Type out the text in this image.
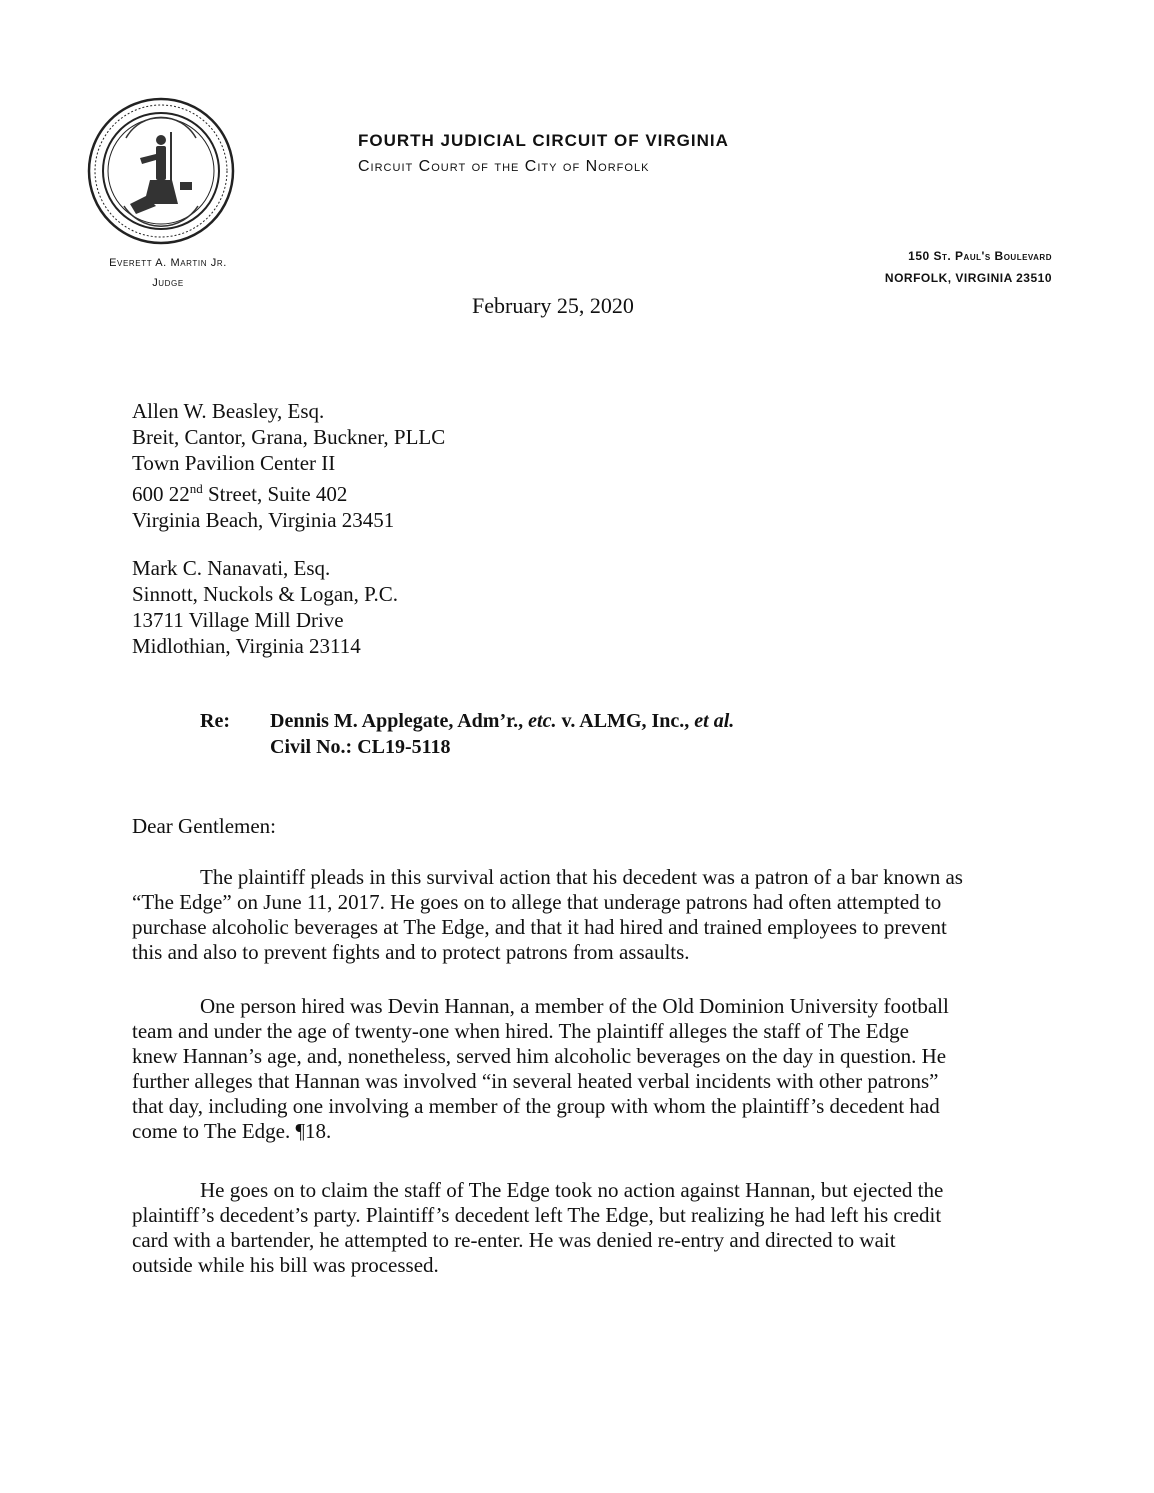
FOURTH JUDICIAL CIRCUIT OF VIRGINIA

Circuit Court of the City of Norfolk

Everett A. Martin Jr.
Judge
150 St. Paul's Boulevard
NORFOLK, VIRGINIA 23510
February 25, 2020
Allen W. Beasley, Esq.
Breit, Cantor, Grana, Buckner, PLLC
Town Pavilion Center II
600 22nd Street, Suite 402
Virginia Beach, Virginia 23451
Mark C. Nanavati, Esq.
Sinnott, Nuckols & Logan, P.C.
13711 Village Mill Drive
Midlothian, Virginia 23114
Re: Dennis M. Applegate, Adm’r., etc. v. ALMG, Inc., et al.
Civil No.: CL19-5118
Dear Gentlemen:
The plaintiff pleads in this survival action that his decedent was a patron of a bar known as
“The Edge” on June 11, 2017. He goes on to allege that underage patrons had often attempted to
purchase alcoholic beverages at The Edge, and that it had hired and trained employees to prevent
this and also to prevent fights and to protect patrons from assaults.
One person hired was Devin Hannan, a member of the Old Dominion University football
team and under the age of twenty-one when hired. The plaintiff alleges the staff of The Edge
knew Hannan’s age, and, nonetheless, served him alcoholic beverages on the day in question. He
further alleges that Hannan was involved “in several heated verbal incidents with other patrons”
that day, including one involving a member of the group with whom the plaintiff’s decedent had
come to The Edge. ¶18.
He goes on to claim the staff of The Edge took no action against Hannan, but ejected the
plaintiff’s decedent’s party. Plaintiff’s decedent left The Edge, but realizing he had left his credit
card with a bartender, he attempted to re-enter. He was denied re-entry and directed to wait
outside while his bill was processed.
